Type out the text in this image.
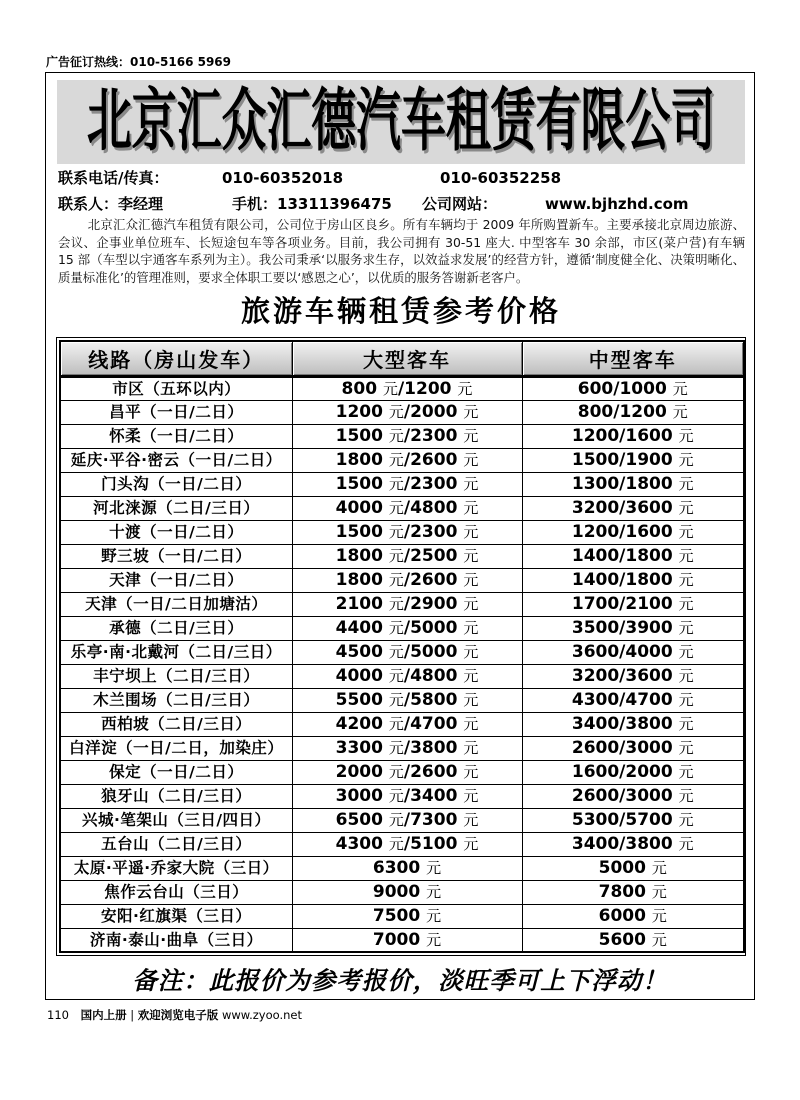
广告征订热线：010-5166 5969
北京汇众汇德汽车租赁有限公司
联系电话/传真：	010-60352018	010-60352258
联系人：李经理	手机：13311396475 公司网站：	www.bjhzhd.com

北京汇众汇德汽车租赁有限公司，公司位于房山区良乡。所有车辆均于 2009 年所购置新车。主要承接北京周边旅游、会议、企事业单位班车、长短途包车等各项业务。目前，我公司拥有 30-51 座大. 中型客车 30 余部，市区(菜户营)有车辆 15 部（车型以宇通客车系列为主）。我公司秉承‘以服务求生存，以效益求发展’的经营方针，遵循‘制度健全化、决策明晰化、质量标准化’的管理准则，要求全体职工要以‘感恩之心’，以优质的服务答谢新老客户。

旅游车辆租赁参考价格
线路（房山发车）	大型客车	中型客车
市区（五环以内）	800 元/1200 元	600/1000 元
昌平（一日/二日）	1200 元/2000 元	800/1200 元
怀柔（一日/二日）	1500 元/2300 元	1200/1600 元
延庆·平谷·密云（一日/二日）	1800 元/2600 元	1500/1900 元
门头沟（一日/二日）	1500 元/2300 元	1300/1800 元
河北涞源（二日/三日）	4000 元/4800 元	3200/3600 元
十渡（一日/二日）	1500 元/2300 元	1200/1600 元
野三坡（一日/二日）	1800 元/2500 元	1400/1800 元
天津（一日/二日）	1800 元/2600 元	1400/1800 元
天津（一日/二日加塘沽）	2100 元/2900 元	1700/2100 元
承德（二日/三日）	4400 元/5000 元	3500/3900 元
乐亭·南·北戴河（二日/三日）	4500 元/5000 元	3600/4000 元
丰宁坝上（二日/三日）	4000 元/4800 元	3200/3600 元
木兰围场（二日/三日）	5500 元/5800 元	4300/4700 元
西柏坡（二日/三日）	4200 元/4700 元	3400/3800 元
白洋淀（一日/二日，加染庄）	3300 元/3800 元	2600/3000 元
保定（一日/二日）	2000 元/2600 元	1600/2000 元
狼牙山（二日/三日）	3000 元/3400 元	2600/3000 元
兴城·笔架山（三日/四日）	6500 元/7300 元	5300/5700 元
五台山（二日/三日）	4300 元/5100 元	3400/3800 元
太原·平遥·乔家大院（三日）	6300 元	5000 元
焦作云台山（三日）	9000 元	7800 元
安阳·红旗渠（三日）	7500 元	6000 元
济南·泰山·曲阜（三日）	7000 元	5600 元
备注：此报价为参考报价，淡旺季可上下浮动！
110 国内上册 | 欢迎浏览电子版 www.zyoo.net
